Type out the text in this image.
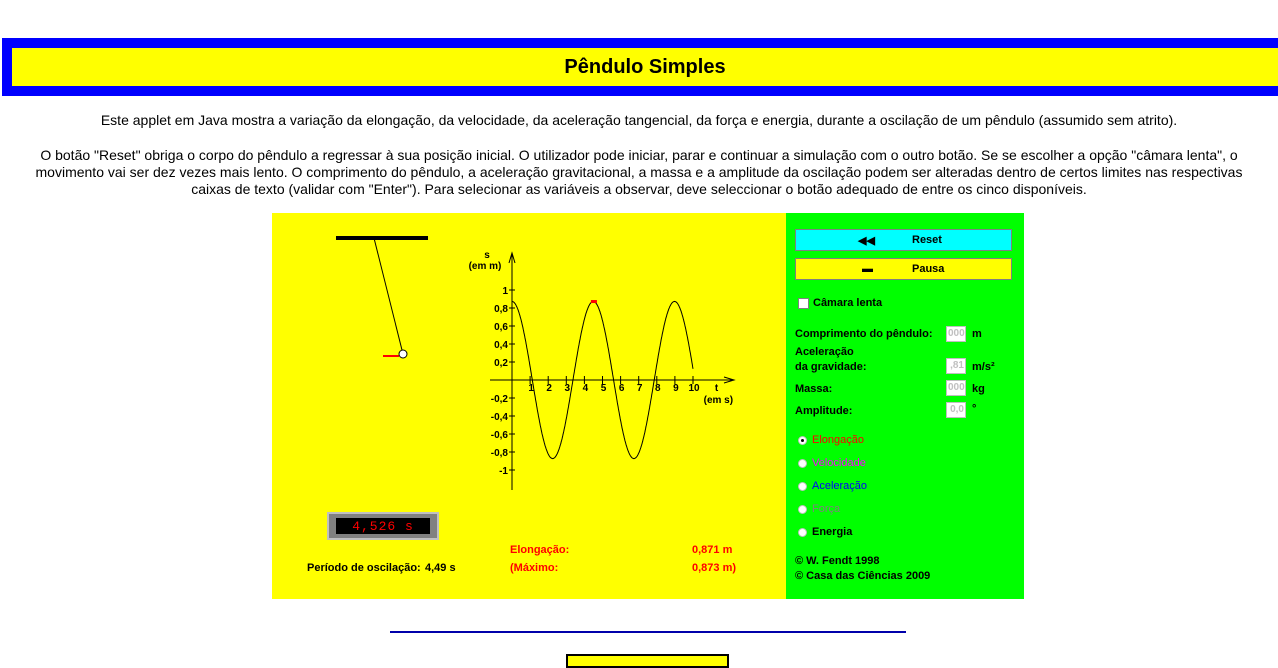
Pêndulo Simples
Este applet em Java mostra a variação da elongação, da velocidade, da aceleração tangencial, da força e energia, durante a oscilação de um pêndulo (assumido sem atrito).
O botão "Reset" obriga o corpo do pêndulo a regressar à sua posição inicial. O utilizador pode iniciar, parar e continuar a simulação com o outro botão. Se se escolher a opção "câmara lenta", o
movimento vai ser dez vezes mais lento. O comprimento do pêndulo, a aceleração gravitacional, a massa e a amplitude da oscilação podem ser alteradas dentro de certos limites nas respectivas
caixas de texto (validar com "Enter"). Para selecionar as variáveis a observar, deve seleccionar o botão adequado de entre os cinco disponíveis.
s
(em m)
t
(em s)
1 2 3 4 5 6 7 8 9 10
1
0,8
0,6
0,4
0,2
-0,2
-0,4
-0,6
-0,8
-1
4,526 s
Período de oscilação: 4,49 s
Elongação:	0,871 m
(Máximo:	0,873 m)
◀◀	Reset
▬	Pausa
Câmara lenta
Comprimento do pêndulo: 000 m
Aceleração
da gravidade:	,81 m/s²
Massa:	000 kg
Amplitude:	0,0 °
Elongação
Velocidade
Aceleração
Força
Energia
© W. Fendt 1998
© Casa das Ciências 2009
